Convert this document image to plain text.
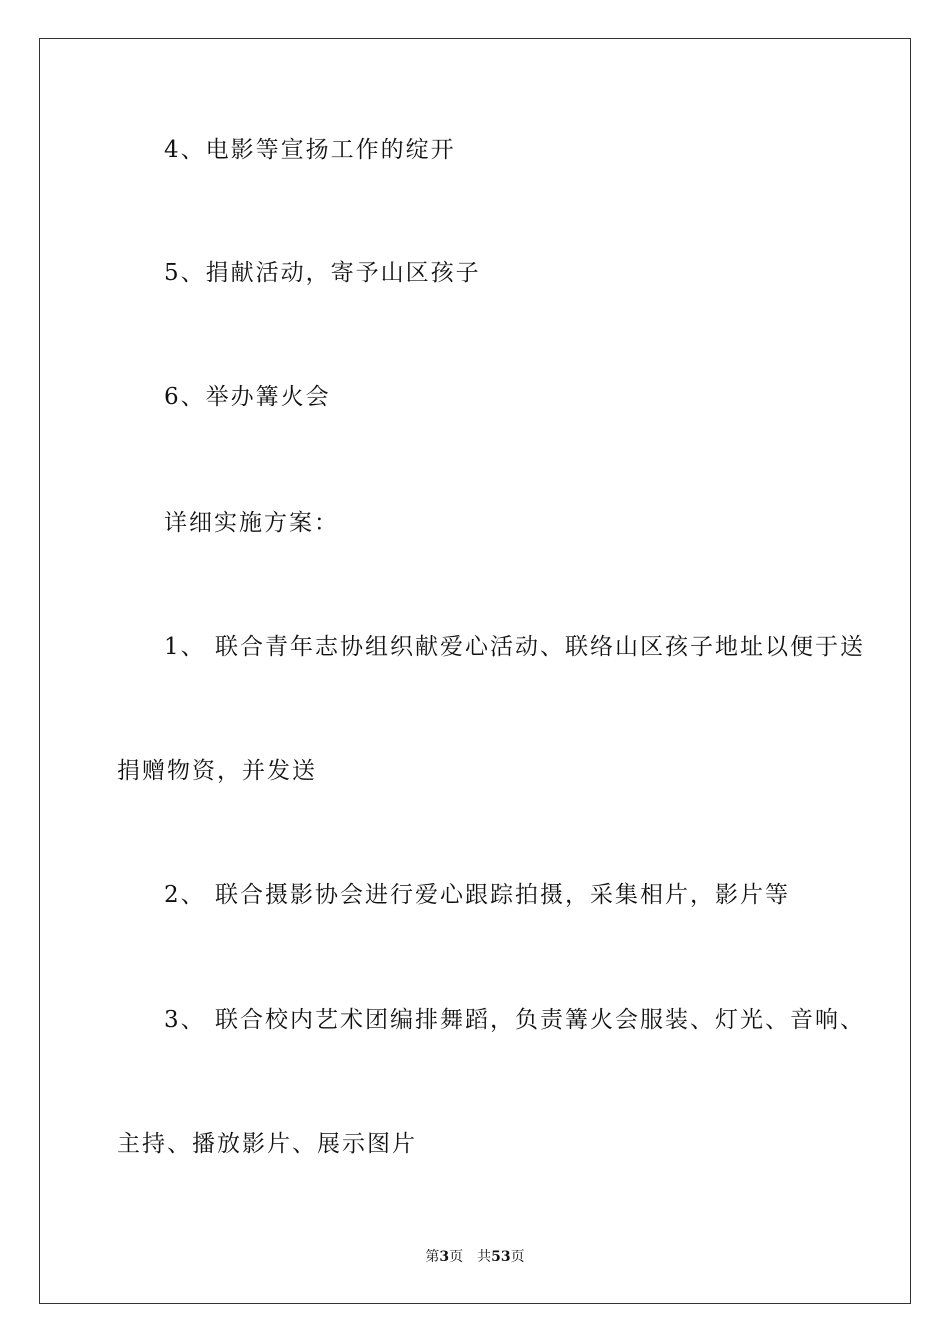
4、电影等宣扬工作的绽开
5、捐献活动，寄予山区孩子
6、举办篝火会
详细实施方案：
1、 联合青年志协组织献爱心活动、联络山区孩子地址以便于送
捐赠物资，并发送
2、 联合摄影协会进行爱心跟踪拍摄，采集相片，影片等
3、 联合校内艺术团编排舞蹈，负责篝火会服装、灯光、音响、
主持、播放影片、展示图片
第3页 共53页
